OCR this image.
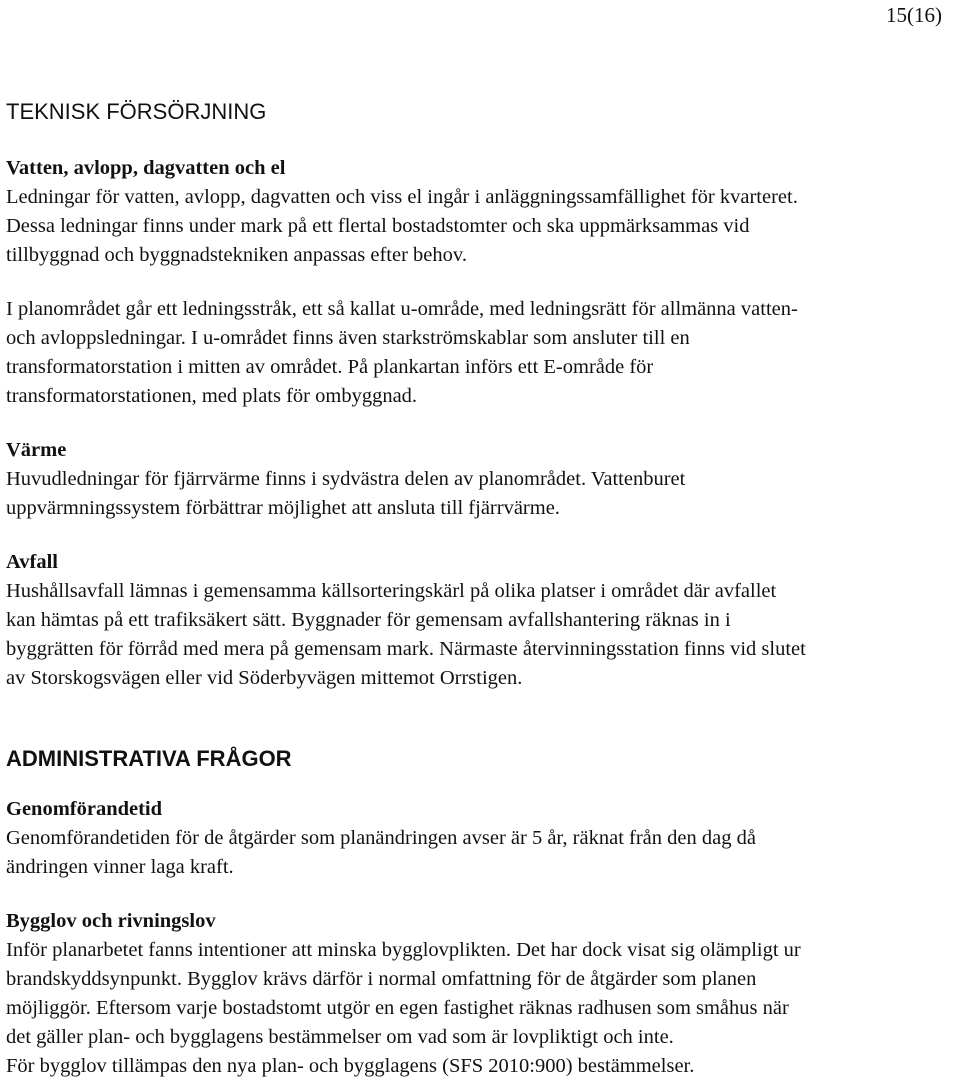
15(16)
TEKNISK FÖRSÖRJNING
Vatten, avlopp, dagvatten och el
Ledningar för vatten, avlopp, dagvatten och viss el ingår i anläggningssamfällighet för kvarteret.
Dessa ledningar finns under mark på ett flertal bostadstomter och ska uppmärksammas vid
tillbyggnad och byggnadstekniken anpassas efter behov.
I planområdet går ett ledningsstråk, ett så kallat u-område, med ledningsrätt för allmänna vatten-
och avloppsledningar. I u-området finns även starkströmskablar som ansluter till en
transformatorstation i mitten av området. På plankartan införs ett E-område för
transformatorstationen, med plats för ombyggnad.
Värme
Huvudledningar för fjärrvärme finns i sydvästra delen av planområdet. Vattenburet
uppvärmningssystem förbättrar möjlighet att ansluta till fjärrvärme.
Avfall
Hushållsavfall lämnas i gemensamma källsorteringskärl på olika platser i området där avfallet
kan hämtas på ett trafiksäkert sätt. Byggnader för gemensam avfallshantering räknas in i
byggrätten för förråd med mera på gemensam mark. Närmaste återvinningsstation finns vid slutet
av Storskogsvägen eller vid Söderbyvägen mittemot Orrstigen.
ADMINISTRATIVA FRÅGOR
Genomförandetid
Genomförandetiden för de åtgärder som planändringen avser är 5 år, räknat från den dag då
ändringen vinner laga kraft.
Bygglov och rivningslov
Inför planarbetet fanns intentioner att minska bygglovplikten. Det har dock visat sig olämpligt ur
brandskyddsynpunkt. Bygglov krävs därför i normal omfattning för de åtgärder som planen
möjliggör. Eftersom varje bostadstomt utgör en egen fastighet räknas radhusen som småhus när
det gäller plan- och bygglagens bestämmelser om vad som är lovpliktigt och inte.
För bygglov tillämpas den nya plan- och bygglagens (SFS 2010:900) bestämmelser.
